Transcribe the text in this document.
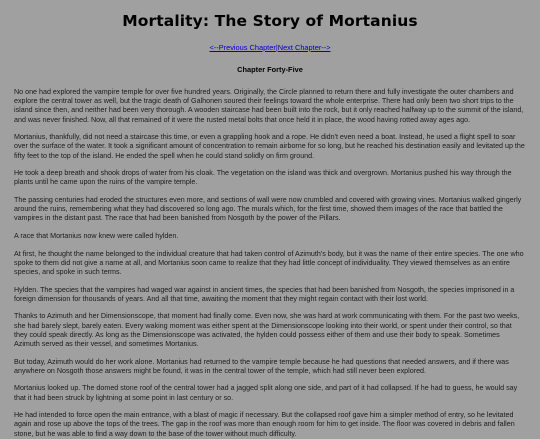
Mortality: The Story of Mortanius
<--Previous Chapter|Next Chapter-->
Chapter Forty-Five

No one had explored the vampire temple for over five hundred years. Originally, the Circle planned to return there and fully investigate the outer chambers and explore the central tower as well, but the tragic death of Galhonen soured their feelings toward the whole enterprise. There had only been two short trips to the island since then, and neither had been very thorough. A wooden staircase had been built into the rock, but it only reached halfway up to the summit of the island, and was never finished. Now, all that remained of it were the rusted metal bolts that once held it in place, the wood having rotted away ages ago.

Mortanius, thankfully, did not need a staircase this time, or even a grappling hook and a rope. He didn't even need a boat. Instead, he used a flight spell to soar over the surface of the water. It took a significant amount of concentration to remain airborne for so long, but he reached his destination easily and levitated up the fifty feet to the top of the island. He ended the spell when he could stand solidly on firm ground.

He took a deep breath and shook drops of water from his cloak. The vegetation on the island was thick and overgrown. Mortanius pushed his way through the plants until he came upon the ruins of the vampire temple.

The passing centuries had eroded the structures even more, and sections of wall were now crumbled and covered with growing vines. Mortanius walked gingerly around the ruins, remembering what they had discovered so long ago. The murals which, for the first time, showed them images of the race that battled the vampires in the distant past. The race that had been banished from Nosgoth by the power of the Pillars.

A race that Mortanius now knew were called hylden.

At first, he thought the name belonged to the individual creature that had taken control of Azimuth's body, but it was the name of their entire species. The one who spoke to them did not give a name at all, and Mortanius soon came to realize that they had little concept of individuality. They viewed themselves as an entire species, and spoke in such terms.

Hylden. The species that the vampires had waged war against in ancient times, the species that had been banished from Nosgoth, the species imprisoned in a foreign dimension for thousands of years. And all that time, awaiting the moment that they might regain contact with their lost world.

Thanks to Azimuth and her Dimensionscope, that moment had finally come. Even now, she was hard at work communicating with them. For the past two weeks, she had barely slept, barely eaten. Every waking moment was either spent at the Dimensionscope looking into their world, or spent under their control, so that they could speak directly. As long as the Dimensionscope was activated, the hylden could possess either of them and use their body to speak. Sometimes Azimuth served as their vessel, and sometimes Mortanius.

But today, Azimuth would do her work alone. Mortanius had returned to the vampire temple because he had questions that needed answers, and if there was anywhere on Nosgoth those answers might be found, it was in the central tower of the temple, which had still never been explored.

Mortanius looked up. The domed stone roof of the central tower had a jagged split along one side, and part of it had collapsed. If he had to guess, he would say that it had been struck by lightning at some point in last century or so.

He had intended to force open the main entrance, with a blast of magic if necessary. But the collapsed roof gave him a simpler method of entry, so he levitated again and rose up above the tops of the trees. The gap in the roof was more than enough room for him to get inside. The floor was covered in debris and fallen stone, but he was able to find a way down to the base of the tower without much difficulty.
